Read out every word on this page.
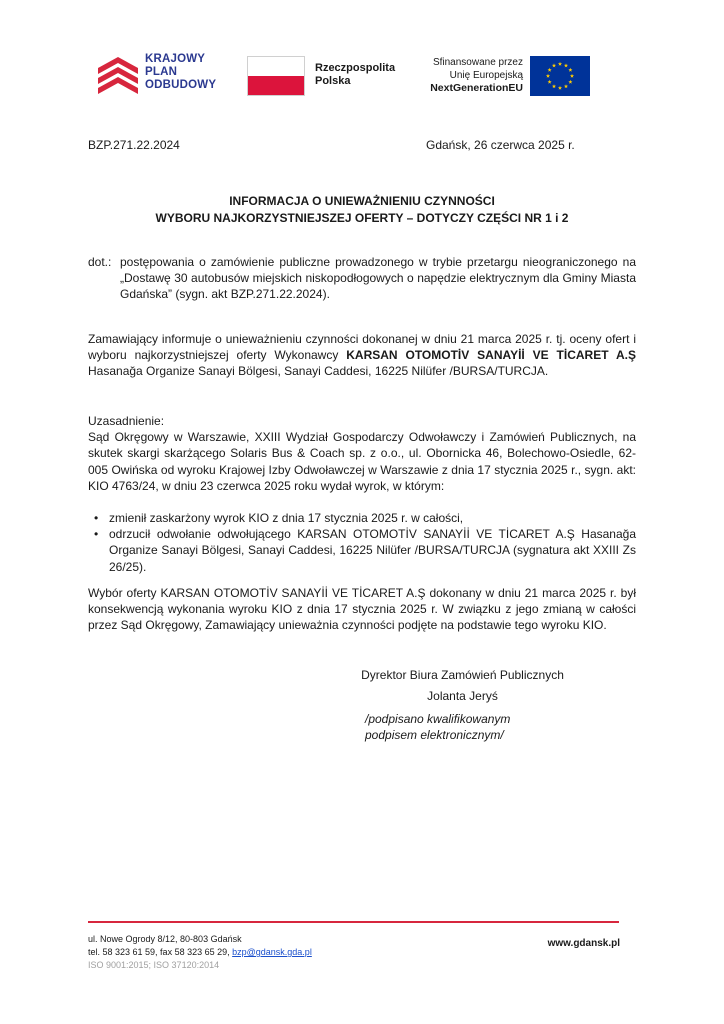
KRAJOWY
PLAN
ODBUDOWY
Rzeczpospolita
Polska
Sfinansowane przez
Unię Europejską
NextGenerationEU
BZP.271.22.2024	Gdańsk, 26 czerwca 2025 r.
INFORMACJA O UNIEWAŻNIENIU CZYNNOŚCI
WYBORU NAJKORZYSTNIEJSZEJ OFERTY – DOTYCZY CZĘŚCI NR 1 i 2
dot.: postępowania o zamówienie publiczne prowadzonego w trybie przetargu nieograniczonego na „Dostawę 30 autobusów miejskich niskopodłogowych o napędzie elektrycznym dla Gminy Miasta Gdańska” (sygn. akt BZP.271.22.2024).
Zamawiający informuje o unieważnieniu czynności dokonanej w dniu 21 marca 2025 r. tj. oceny ofert i wyboru najkorzystniejszej oferty Wykonawcy KARSAN OTOMOTİV SANAYİİ VE TİCARET A.Ş Hasanağa Organize Sanayi Bölgesi, Sanayi Caddesi, 16225 Nilüfer /BURSA/TURCJA.
Uzasadnienie:
Sąd Okręgowy w Warszawie, XXIII Wydział Gospodarczy Odwoławczy i Zamówień Publicznych, na skutek skargi skarżącego Solaris Bus & Coach sp. z o.o., ul. Obornicka 46, Bolechowo-Osiedle, 62-005 Owińska od wyroku Krajowej Izby Odwoławczej w Warszawie z dnia 17 stycznia 2025 r., sygn. akt: KIO 4763/24, w dniu 23 czerwca 2025 roku wydał wyrok, w którym:
• zmienił zaskarżony wyrok KIO z dnia 17 stycznia 2025 r. w całości,
• odrzucił odwołanie odwołującego KARSAN OTOMOTİV SANAYİİ VE TİCARET A.Ş Hasanağa Organize Sanayi Bölgesi, Sanayi Caddesi, 16225 Nilüfer /BURSA/TURCJA (sygnatura akt XXIII Zs 26/25).
Wybór oferty KARSAN OTOMOTİV SANAYİİ VE TİCARET A.Ş dokonany w dniu 21 marca 2025 r. był konsekwencją wykonania wyroku KIO z dnia 17 stycznia 2025 r. W związku z jego zmianą w całości przez Sąd Okręgowy, Zamawiający unieważnia czynności podjęte na podstawie tego wyroku KIO.
Dyrektor Biura Zamówień Publicznych
Jolanta Jeryś
/podpisano kwalifikowanym
podpisem elektronicznym/
ul. Nowe Ogrody 8/12, 80-803 Gdańsk
tel. 58 323 61 59, fax 58 323 65 29, bzp@gdansk.gda.pl
ISO 9001:2015; ISO 37120:2014
www.gdansk.pl
